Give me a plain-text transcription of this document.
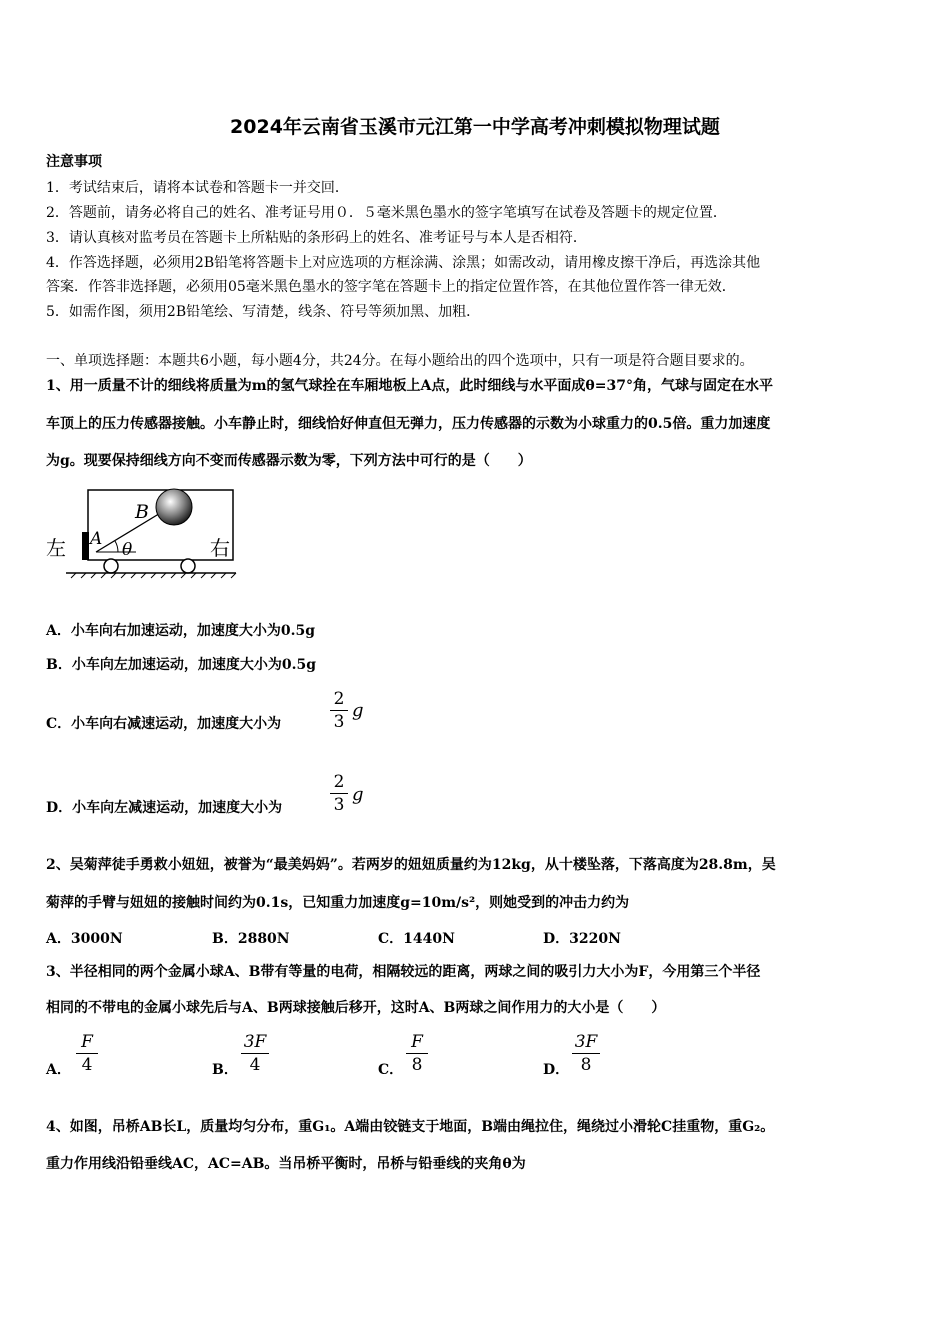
2024年云南省玉溪市元江第一中学高考冲刺模拟物理试题
注意事项
1．考试结束后，请将本试卷和答题卡一并交回．
2．答题前，请务必将自己的姓名、准考证号用０．５毫米黑色墨水的签字笔填写在试卷及答题卡的规定位置．
3．请认真核对监考员在答题卡上所粘贴的条形码上的姓名、准考证号与本人是否相符．
4．作答选择题，必须用2B铅笔将答题卡上对应选项的方框涂满、涂黑；如需改动，请用橡皮擦干净后，再选涂其他
答案．作答非选择题，必须用05毫米黑色墨水的签字笔在答题卡上的指定位置作答，在其他位置作答一律无效．
5．如需作图，须用2B铅笔绘、写清楚，线条、符号等须加黑、加粗．
一、单项选择题：本题共6小题，每小题4分，共24分。在每小题给出的四个选项中，只有一项是符合题目要求的。
1、用一质量不计的细线将质量为m的氢气球拴在车厢地板上A点，此时细线与水平面成θ=37°角，气球与固定在水平
车顶上的压力传感器接触。小车静止时，细线恰好伸直但无弹力，压力传感器的示数为小球重力的0.5倍。重力加速度
为g。现要保持细线方向不变而传感器示数为零，下列方法中可行的是（　　）
左	右
B
A
θ
A．小车向右加速运动，加速度大小为0.5g
B．小车向左加速运动，加速度大小为0.5g
C．小车向右减速运动，加速度大小为
2
3
g
D．小车向左减速运动，加速度大小为
2
3 g
2、吴菊萍徒手勇救小妞妞，被誉为“最美妈妈”。若两岁的妞妞质量约为12kg，从十楼坠落，下落高度为28.8m，吴
菊萍的手臂与妞妞的接触时间约为0.1s，已知重力加速度g=10m/s²，则她受到的冲击力约为
A．3000N	B．2880N	C．1440N	D．3220N
3、半径相同的两个金属小球A、B带有等量的电荷，相隔较远的距离，两球之间的吸引力大小为F，今用第三个半径
相同的不带电的金属小球先后与A、B两球接触后移开，这时A、B两球之间作用力的大小是（　　）
A．
F
4	B．
3F
4	C．
F
8	D．
3F
8
4、如图，吊桥AB长L，质量均匀分布，重G₁。A端由铰链支于地面，B端由绳拉住，绳绕过小滑轮C挂重物，重G₂。
重力作用线沿铅垂线AC，AC=AB。当吊桥平衡时，吊桥与铅垂线的夹角θ为
